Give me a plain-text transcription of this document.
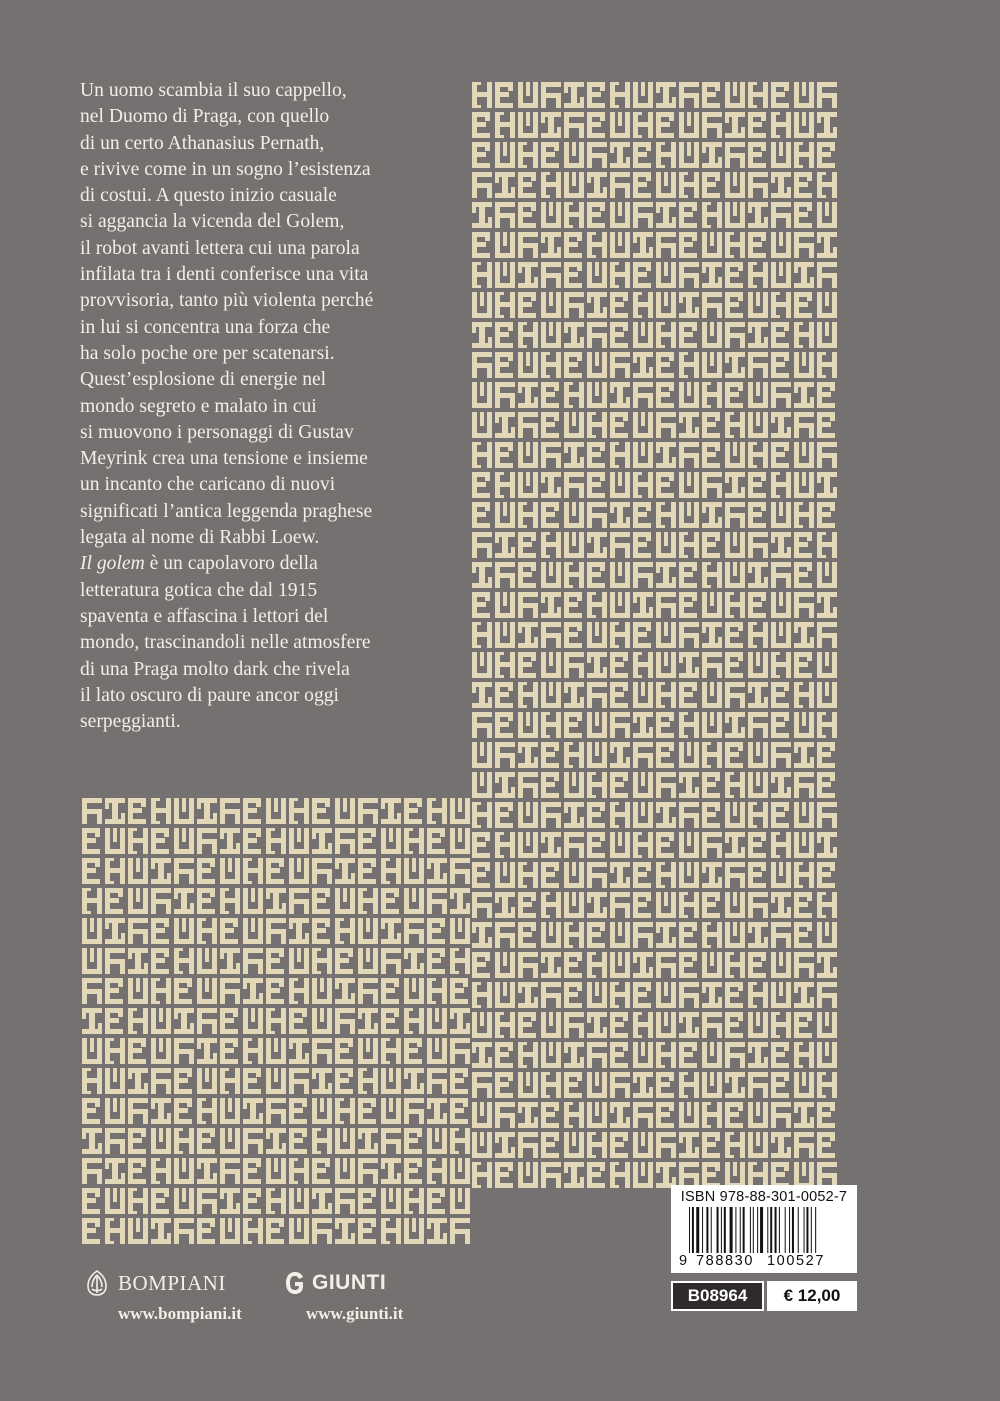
Un uomo scambia il suo cappello,

nel Duomo di Praga, con quello

di un certo Athanasius Pernath,

e rivive come in un sogno l’esistenza

di costui. A questo inizio casuale

si aggancia la vicenda del Golem,

il robot avanti lettera cui una parola

infilata tra i denti conferisce una vita

provvisoria, tanto più violenta perché

in lui si concentra una forza che

ha solo poche ore per scatenarsi.

Quest’esplosione di energie nel

mondo segreto e malato in cui

si muovono i personaggi di Gustav

Meyrink crea una tensione e insieme

un incanto che caricano di nuovi

significati l’antica leggenda praghese

legata al nome di Rabbi Loew.

Il golem è un capolavoro della

letteratura gotica che dal 1915

spaventa e affascina i lettori del

mondo, trascinandoli nelle atmosfere

di una Praga molto dark che rivela

il lato oscuro di paure ancor oggi

serpeggianti.

BOMPIANI
www.bompiani.it
GIUNTI
www.giunti.it
ISBN 978-88-301-0052-7
9 788830 100527
B08964	€ 12,00
